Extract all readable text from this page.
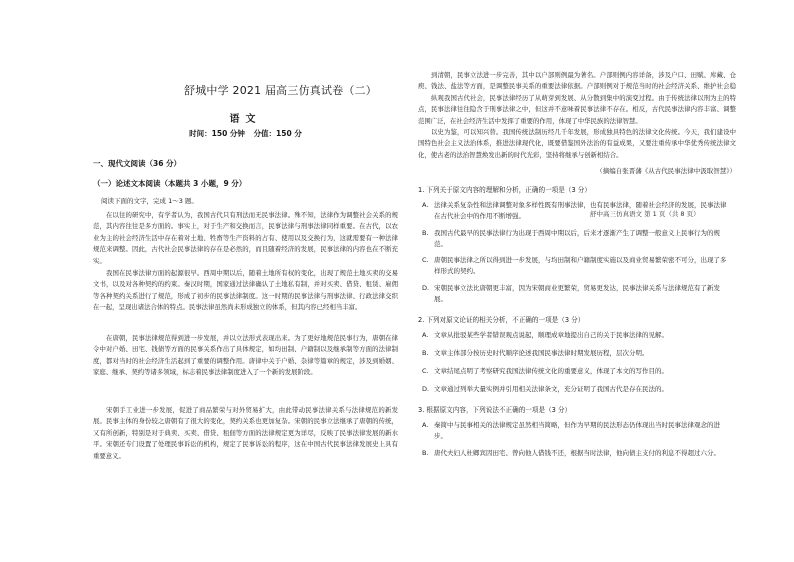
舒城中学 2021 届高三仿真试卷（二）
语文
时间：150 分钟 分值：150 分
一、现代文阅读（36 分）
（一）论述文本阅读（本题共 3 小题，9 分）
阅读下面的文字，完成 1～3 题。
在以往的研究中，有学者认为，我国古代只有刑法而无民事法律。殊不知，法律作为调整社会关系的规范，其内容往往是多方面的。事实上，对于生产和交换而言，民事法律与刑事法律同样重要。在古代，以农业为主的社会经济生活中存在着对土地、牲畜等生产资料的占有、使用以及交换行为，这就需要有一种法律规范来调整。因此，古代社会民事法律的存在是必然的，而且随着经济的发展，民事法律的内容也在不断充实。
我国在民事法律方面的起源很早。西周中期以后，随着土地所有权的变化，出现了规范土地买卖的交易文书，以及对各种契约的约束。秦汉时期，国家通过法律确认了土地私有制，并对买卖、借贷、租赁、雇佣等各种契约关系进行了规范，形成了初步的民事法律制度。这一时期的民事法律与刑事法律、行政法律交织在一起，呈现出诸法合体的特点。民事法律虽然尚未形成独立的体系，但其内容已经相当丰富。
在唐朝，民事法律规范得到进一步发展，并以立法形式表现出来。为了更好地规范民事行为，唐朝在律令中对户婚、田宅、钱债等方面的民事关系作出了具体规定，如均田制、户籍制以及继承制等方面的法律制度，都对当时的社会经济生活起到了重要的调整作用。唐律中关于户婚、杂律等篇章的规定，涉及到婚姻、家庭、继承、契约等诸多领域，标志着民事法律制度进入了一个新的发展阶段。
宋朝手工业进一步发展，促进了商品繁荣与对外贸易扩大，由此带动民事法律关系与法律规范的新发展。民事主体的身份较之唐朝有了很大的变化，契约关系也更加复杂。宋朝的民事立法继承了唐朝的传统，又有所创新，特别是对于典卖、买卖、借贷、租佃等方面的法律规定更为详尽，反映了民事法律发展的新水平。宋朝还专门设置了处理民事诉讼的机构，规定了民事诉讼的程序，这在中国古代民事法律发展史上具有重要意义。
到清朝，民事立法进一步完善，其中以户部则例最为著名。户部则例内容详备，涉及户口、田赋、库藏、仓庾、钱法、盐法等方面，是调整民事关系的重要法律依据。户部则例对于规范当时的社会经济关系、维护社会稳
纵观我国古代社会，民事法律经历了从萌芽到发展、从分散到集中的演变过程。由于传统法律以刑为主的特点，民事法律往往隐含于刑事法律之中，但这并不意味着民事法律不存在。相反，古代民事法律内容丰富、调整范围广泛，在社会经济生活中发挥了重要的作用，体现了中华民族的法律智慧。
以史为鉴，可以知兴替。我国传统法制历经几千年发展，形成独具特色的法律文化传统。今天，我们建设中国特色社会主义法治体系，推进法律现代化，既要借鉴国外法治的有益成果，又要注重传承中华优秀传统法律文化，使古老的法治智慧焕发出新的时代光彩，坚持将继承与创新相结合。
（摘编自张晋藩《从古代民事法律中汲取智慧》）
1. 下列关于原文内容的理解和分析，正确的一项是（3 分）
A. 法律关系复杂性和法律调整对象多样性既有刑事法律，也有民事法律，随着社会经济的发展，民事法律在古代社会中的作用不断增强。
B. 我国古代最早的民事法律行为出现于西周中期以后，后来才逐渐产生了调整一般意义上民事行为的规范。
C. 唐朝民事法律之所以得到进一步发展，与均田制和户籍制度实施以及商业贸易繁荣密不可分，出现了多样形式的契约。
D. 宋朝民事立法比唐朝更丰富，因为宋朝商业更繁荣，贸易更发达，民事法律关系与法律规范有了新发展。
2. 下列对原文论证的相关分析，不正确的一项是（3 分）
A. 文章从批驳某些学者错误观点说起，顺理成章地提出自己的关于民事法律的见解。
B. 文章主体部分按历史时代顺序论述我国民事法律时期发展历程，层次分明。
C. 文章结尾点明了考察研究我国法律传统文化的重要意义，体现了本文的写作目的。
D. 文章通过列举大量实例并引用相关法律条文，充分证明了我国古代是存在民法的。
3. 根据原文内容，下列说法不正确的一项是（3 分）
A. 秦简中与民事相关的法律规定虽然相当简略，但作为早期的民法形态仍体现出当时民事法律观念的进步。
B. 唐代夫妇人杜卿宾因田宅、曾向他人借钱不还，根据当时法律，他向债主支付的利息不得超过六分。
舒中高三仿真语文 第 1 页（共 8 页）
